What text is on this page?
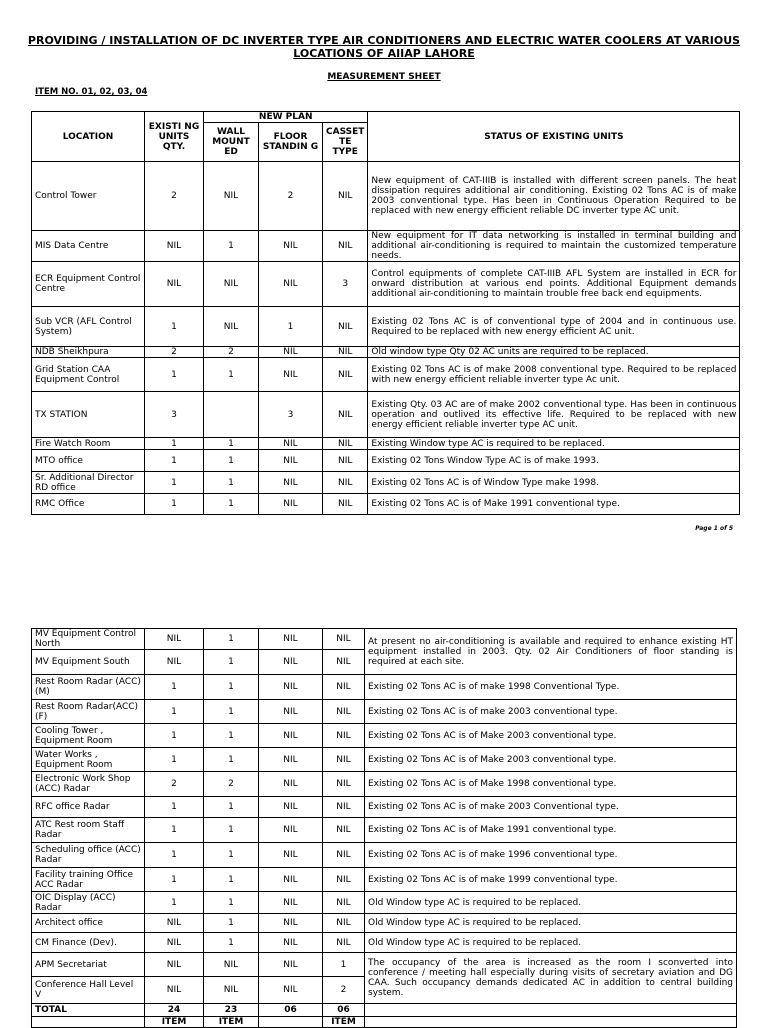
PROVIDING / INSTALLATION OF DC INVERTER TYPE AIR CONDITIONERS AND ELECTRIC WATER COOLERS AT VARIOUS LOCATIONS OF AIIAP LAHORE
MEASUREMENT SHEET
ITEM NO. 01, 02, 03, 04
LOCATION	EXISTI NG UNITS QTY.	NEW PLAN			STATUS OF EXISTING UNITS
		WALL MOUNT ED	FLOOR STANDIN G	CASSET TE TYPE	
Control Tower	2	NIL	2	NIL	New equipment of CAT-IIIB is installed with different screen panels. The heat dissipation requires additional air conditioning. Existing 02 Tons AC is of make 2003 conventional type. Has been in Continuous Operation Required to be replaced with new energy efficient reliable DC inverter type AC unit.
MIS Data Centre	NIL	1	NIL	NIL	New equipment for IT data networking is installed in terminal building and additional air-conditioning is required to maintain the customized temperature needs.
ECR Equipment Control Centre	NIL	NIL	NIL	3	Control equipments of complete CAT-IIIB AFL System are installed in ECR for onward distribution at various end points. Additional Equipment demands additional air-conditioning to maintain trouble free back end equipments.
Sub VCR (AFL Control System)	1	NIL	1	NIL	Existing 02 Tons AC is of conventional type of 2004 and in continuous use. Required to be replaced with new energy efficient AC unit.
NDB Sheikhpura	2	2	NIL	NIL	Old window type Qty 02 AC units are required to be replaced.
Grid Station CAA Equipment Control	1	1	NIL	NIL	Existing 02 Tons AC is of make 2008 conventional type. Required to be replaced with new energy efficient reliable inverter type Ac unit.
TX STATION	3		3	NIL	Existing Qty. 03 AC are of make 2002 conventional type. Has been in continuous operation and outlived its effective life. Required to be replaced with new energy efficient reliable inverter type AC unit.
Fire Watch Room	1	1	NIL	NIL	Existing Window type AC is required to be replaced.
MTO office	1	1	NIL	NIL	Existing 02 Tons Window Type AC is of make 1993.
Sr. Additional Director RD office	1	1	NIL	NIL	Existing 02 Tons AC is of Window Type make 1998.
RMC Office	1	1	NIL	NIL	Existing 02 Tons AC is of Make 1991 conventional type.
Page 1 of 5
MV Equipment Control North	NIL	1	NIL	NIL	At present no air-conditioning is available and required to enhance existing HT equipment installed in 2003. Qty. 02 Air Conditioners of floor standing is required at each site.
MV Equipment South	NIL	1	NIL	NIL	
Rest Room Radar (ACC)(M)	1	1	NIL	NIL	Existing 02 Tons AC is of make 1998 Conventional Type.
Rest Room Radar(ACC) (F)	1	1	NIL	NIL	Existing 02 Tons AC is of make 2003 conventional type.
Cooling Tower , Equipment Room	1	1	NIL	NIL	Existing 02 Tons AC is of Make 2003 conventional type.
Water Works , Equipment Room	1	1	NIL	NIL	Existing 02 Tons AC is of Make 2003 conventional type.
Electronic Work Shop (ACC) Radar	2	2	NIL	NIL	Existing 02 Tons AC is of Make 1998 conventional type.
RFC office Radar	1	1	NIL	NIL	Existing 02 Tons AC is of make 2003 Conventional type.
ATC Rest room Staff Radar	1	1	NIL	NIL	Existing 02 Tons AC is of Make 1991 conventional type.
Scheduling office (ACC) Radar	1	1	NIL	NIL	Existing 02 Tons AC is of make 1996 conventional type.
Facility training Office ACC Radar	1	1	NIL	NIL	Existing 02 Tons AC is of make 1999 conventional type.
OIC Display (ACC) Radar	1	1	NIL	NIL	Old Window type AC is required to be replaced.
Architect office	NIL	1	NIL	NIL	Old Window type AC is required to be replaced.
CM Finance (Dev).	NIL	1	NIL	NIL	Old Window type AC is required to be replaced.
APM Secretariat	NIL	NIL	NIL	1	The occupancy of the area is increased as the room I sconverted into conference / meeting hall especially during visits of secretary aviation and DG CAA. Such occupancy demands dedicated AC in addition to central building system.
Conference Hall Level V	NIL	NIL	NIL	2	
TOTAL	24	23	06	06	
	ITEM	ITEM		ITEM	
